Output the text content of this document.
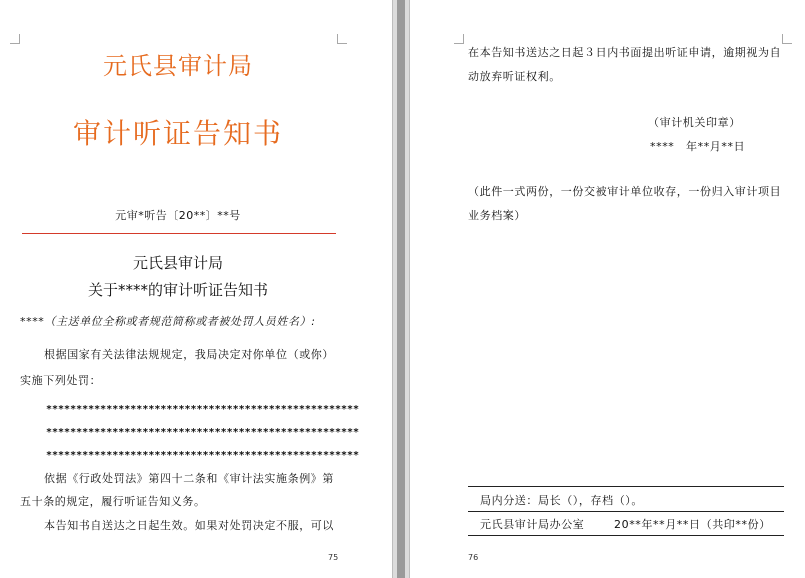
元氏县审计局
审计听证告知书
元审*听告〔20**〕**号
元氏县审计局
关于****的审计听证告知书
****（主送单位全称或者规范简称或者被处罚人员姓名）:
根据国家有关法律法规规定，我局决定对你单位（或你）
实施下列处罚：
****************************************************
****************************************************
****************************************************
依据《行政处罚法》第四十二条和《审计法实施条例》第
五十条的规定，履行听证告知义务。
本告知书自送达之日起生效。如果对处罚决定不服，可以
75
在本告知书送达之日起３日内书面提出听证申请，逾期视为自
动放弃听证权利。
（审计机关印章）
****　年**月**日
（此件一式两份，一份交被审计单位收存，一份归入审计项目
业务档案）
局内分送：局长（），存档（）。
元氏县审计局办公室	20**年**月**日（共印**份）
76
